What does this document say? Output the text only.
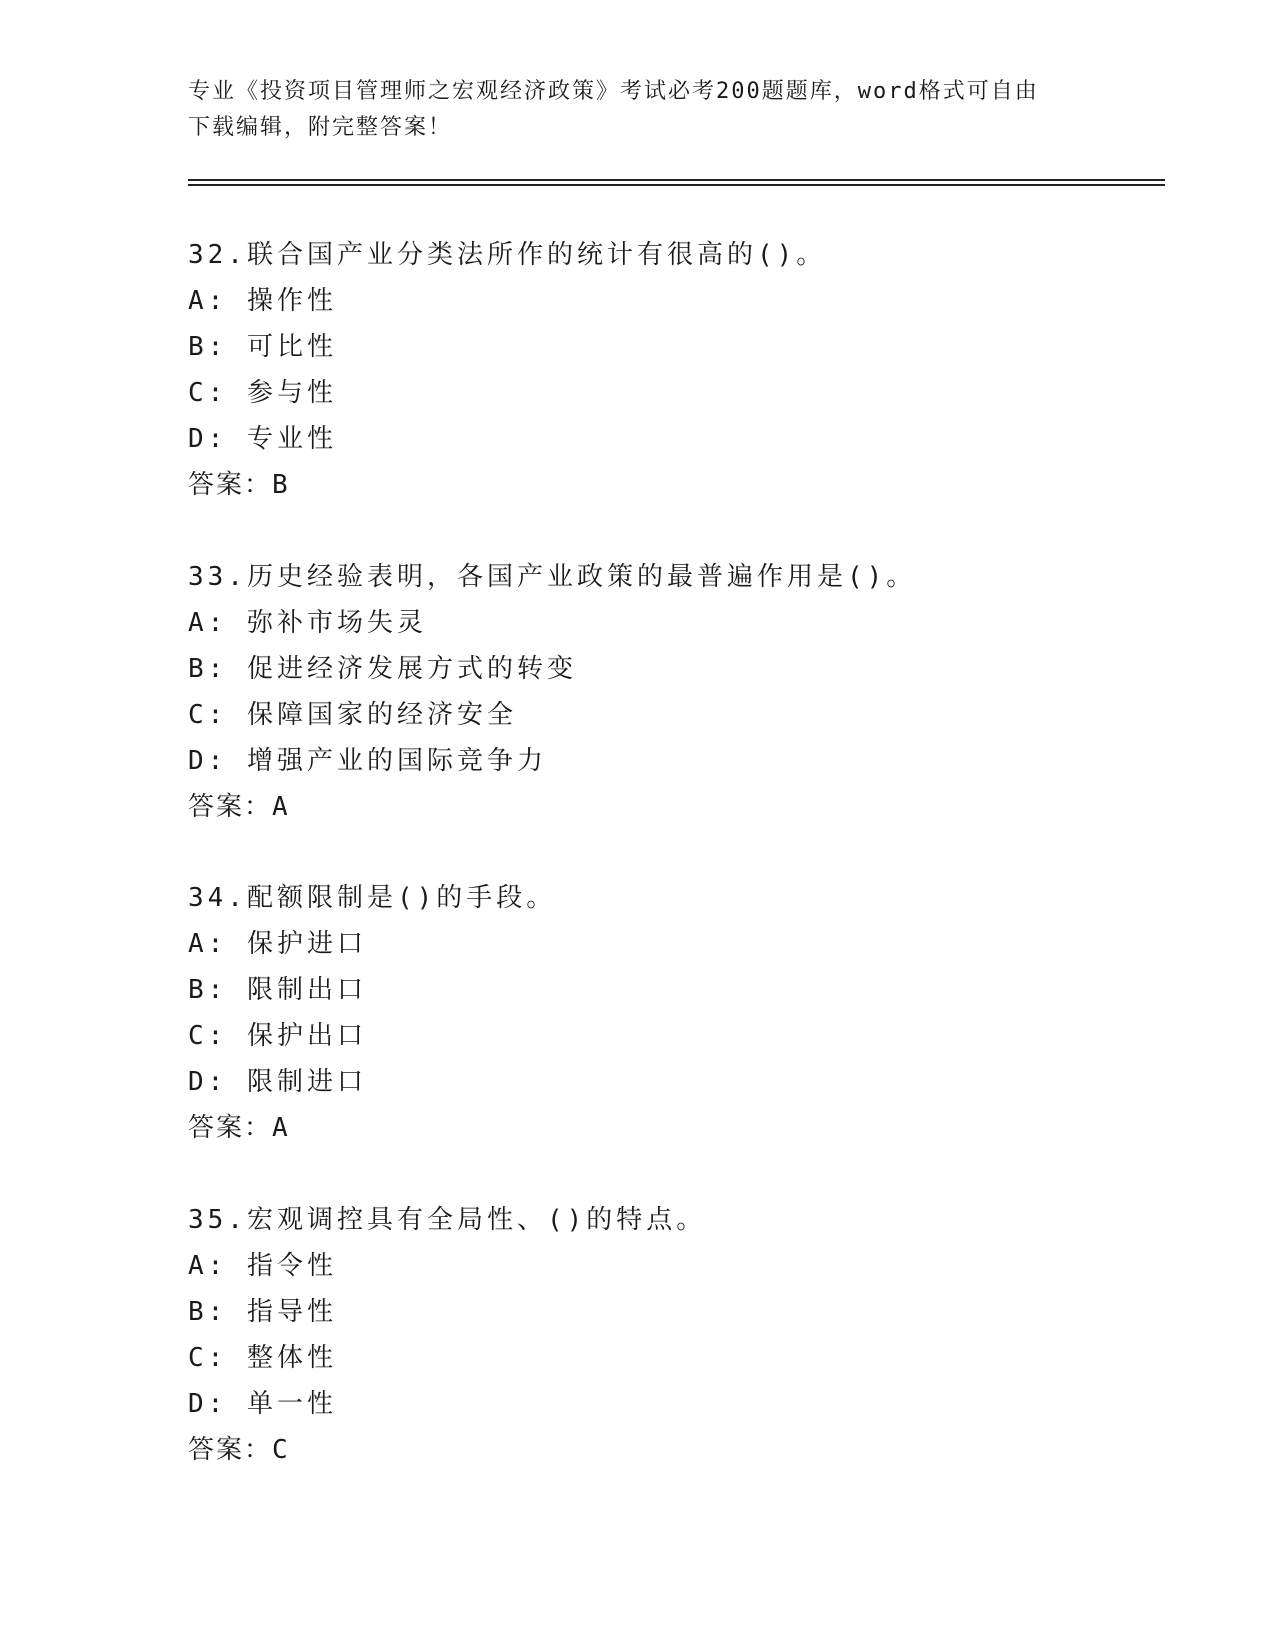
专业《投资项目管理师之宏观经济政策》考试必考200题题库，word格式可自由
下载编辑，附完整答案！
32.联合国产业分类法所作的统计有很高的()。
A: 操作性
B: 可比性
C: 参与性
D: 专业性
答案：B
33.历史经验表明，各国产业政策的最普遍作用是()。
A: 弥补市场失灵
B: 促进经济发展方式的转变
C: 保障国家的经济安全
D: 增强产业的国际竞争力
答案：A
34.配额限制是()的手段。
A: 保护进口
B: 限制出口
C: 保护出口
D: 限制进口
答案：A
35.宏观调控具有全局性、()的特点。
A: 指令性
B: 指导性
C: 整体性
D: 单一性
答案：C
